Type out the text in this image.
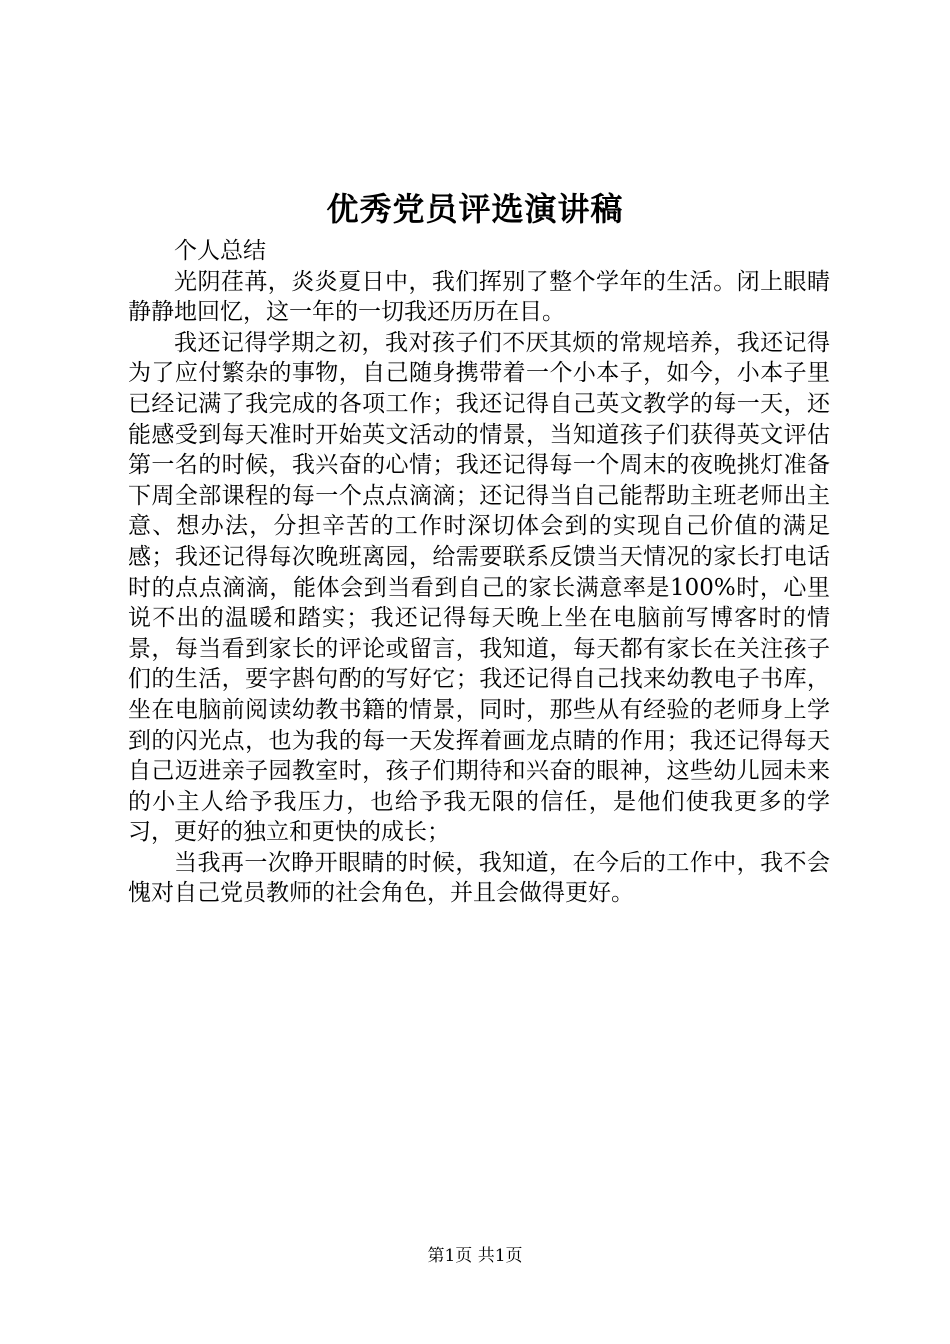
优秀党员评选演讲稿

个人总结

光阴荏苒，炎炎夏日中，我们挥别了整个学年的生活。闭上眼睛静静地回忆，这一年的一切我还历历在目。

我还记得学期之初，我对孩子们不厌其烦的常规培养，我还记得为了应付繁杂的事物，自己随身携带着一个小本子，如今，小本子里已经记满了我完成的各项工作；我还记得自己英文教学的每一天，还能感受到每天准时开始英文活动的情景，当知道孩子们获得英文评估第一名的时候，我兴奋的心情；我还记得每一个周末的夜晚挑灯准备下周全部课程的每一个点点滴滴；还记得当自己能帮助主班老师出主意、想办法，分担辛苦的工作时深切体会到的实现自己价值的满足感；我还记得每次晚班离园，给需要联系反馈当天情况的家长打电话时的点点滴滴，能体会到当看到自己的家长满意率是100%时，心里说不出的温暖和踏实；我还记得每天晚上坐在电脑前写博客时的情景，每当看到家长的评论或留言，我知道，每天都有家长在关注孩子们的生活，要字斟句酌的写好它；我还记得自己找来幼教电子书库，坐在电脑前阅读幼教书籍的情景，同时，那些从有经验的老师身上学到的闪光点，也为我的每一天发挥着画龙点睛的作用；我还记得每天自己迈进亲子园教室时，孩子们期待和兴奋的眼神，这些幼儿园未来的小主人给予我压力，也给予我无限的信任，是他们使我更多的学习，更好的独立和更快的成长；

当我再一次睁开眼睛的时候，我知道，在今后的工作中，我不会愧对自己党员教师的社会角色，并且会做得更好。

第1页 共1页
